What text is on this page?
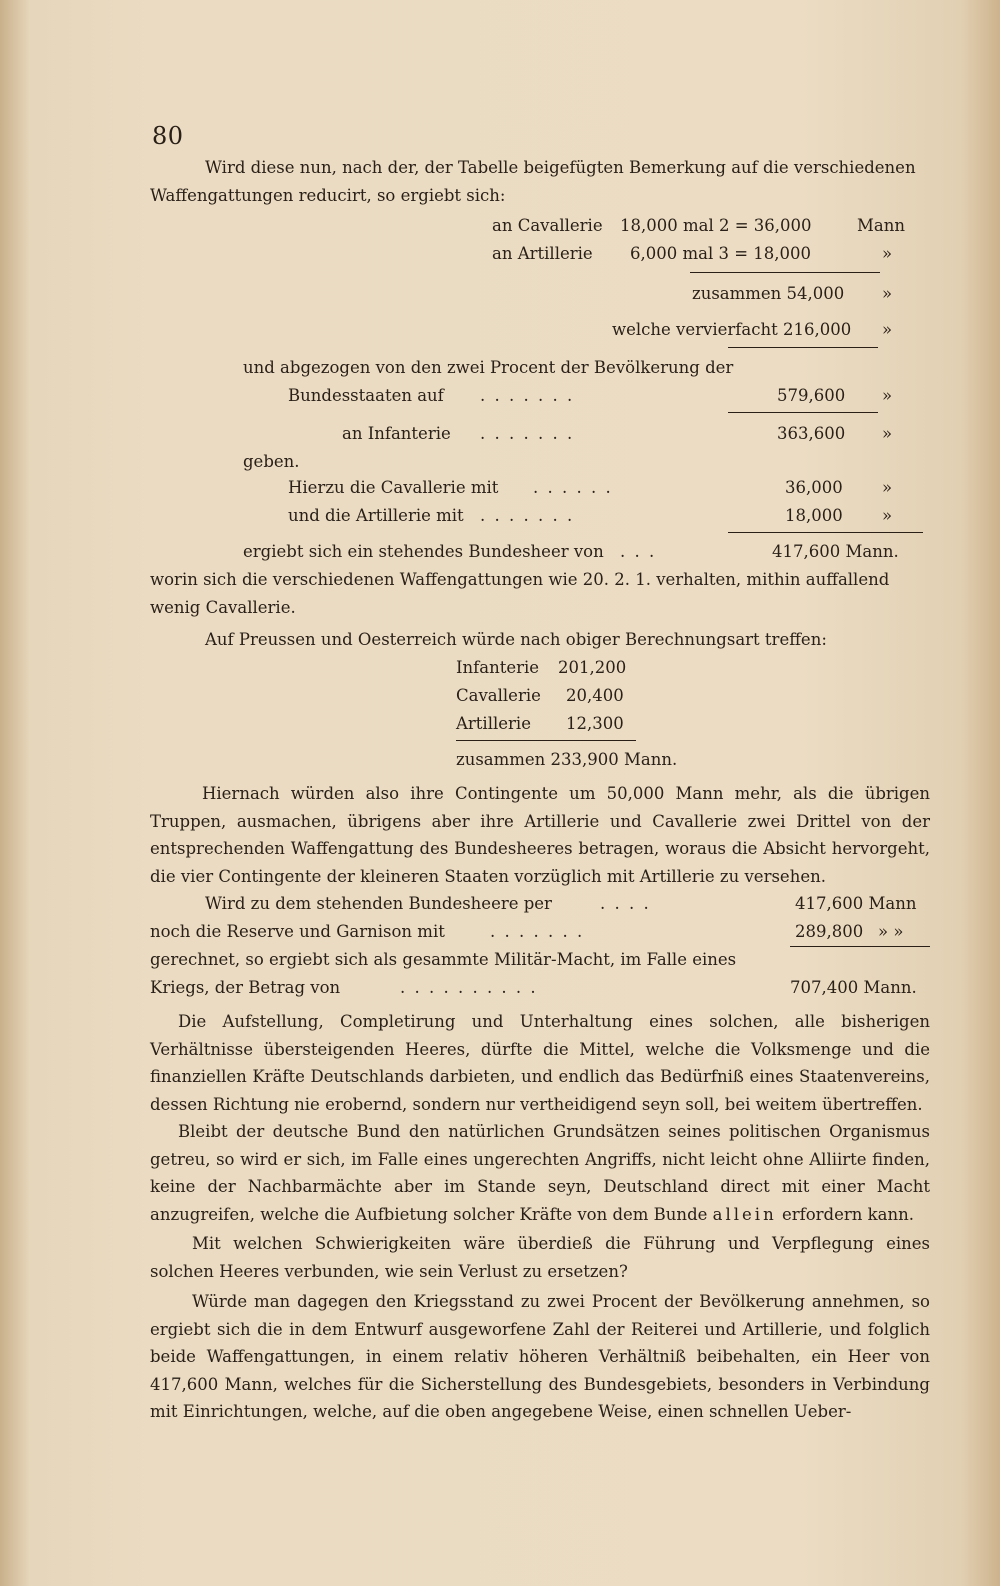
80
Wird diese nun, nach der, der Tabelle beigefügten Bemerkung auf die verschiedenen
Waffengattungen reducirt, so ergiebt sich:
an Cavallerie 18,000 mal 2 = 36,000	Mann
an Artillerie 6,000 mal 3 = 18,000	»
zusammen 54,000 »
welche vervierfacht 216,000 »
und abgezogen von den zwei Procent der Bevölkerung der
Bundesstaaten auf . . . . . . .	579,600 »
an Infanterie . . . . . . .	363,600 »
geben.
Hierzu die Cavallerie mit . . . . . .	36,000 »
und die Artillerie mit . . . . . . .	18,000 »
ergiebt sich ein stehendes Bundesheer von . . .	417,600 Mann.
worin sich die verschiedenen Waffengattungen wie 20. 2. 1. verhalten, mithin auffallend
wenig Cavallerie.
Auf Preussen und Oesterreich würde nach obiger Berechnungsart treffen:
Infanterie 201,200
Cavallerie 20,400
Artillerie 12,300
zusammen 233,900 Mann.
Hiernach würden also ihre Contingente um 50,000 Mann mehr, als die übrigen Truppen, ausmachen, übrigens aber ihre Artillerie und Cavallerie zwei Drittel von der entsprechenden Waffengattung des Bundesheeres betragen, woraus die Absicht hervorgeht, die vier Contingente der kleineren Staaten vorzüglich mit Artillerie zu versehen.
Wird zu dem stehenden Bundesheere per	. . . .	417,600 Mann
noch die Reserve und Garnison mit	. . . . . . .	289,800 » »
gerechnet, so ergiebt sich als gesammte Militär-Macht, im Falle eines
Kriegs, der Betrag von	. . . . . . . . . .	707,400 Mann.
Die Aufstellung, Completirung und Unterhaltung eines solchen, alle bisherigen Verhältnisse übersteigenden Heeres, dürfte die Mittel, welche die Volksmenge und die finanziellen Kräfte Deutschlands darbieten, und endlich das Bedürfniß eines Staatenvereins, dessen Richtung nie erobernd, sondern nur vertheidigend seyn soll, bei weitem übertreffen.
Bleibt der deutsche Bund den natürlichen Grundsätzen seines politischen Organismus getreu, so wird er sich, im Falle eines ungerechten Angriffs, nicht leicht ohne Alliirte finden, keine der Nachbarmächte aber im Stande seyn, Deutschland direct mit einer Macht anzugreifen, welche die Aufbietung solcher Kräfte von dem Bunde allein erfordern kann.
Mit welchen Schwierigkeiten wäre überdieß die Führung und Verpflegung eines solchen Heeres verbunden, wie sein Verlust zu ersetzen?
Würde man dagegen den Kriegsstand zu zwei Procent der Bevölkerung annehmen, so ergiebt sich die in dem Entwurf ausgeworfene Zahl der Reiterei und Artillerie, und folglich beide Waffengattungen, in einem relativ höheren Verhältniß beibehalten, ein Heer von 417,600 Mann, welches für die Sicherstellung des Bundesgebiets, besonders in Verbindung mit Einrichtungen, welche, auf die oben angegebene Weise, einen schnellen Ueber-
